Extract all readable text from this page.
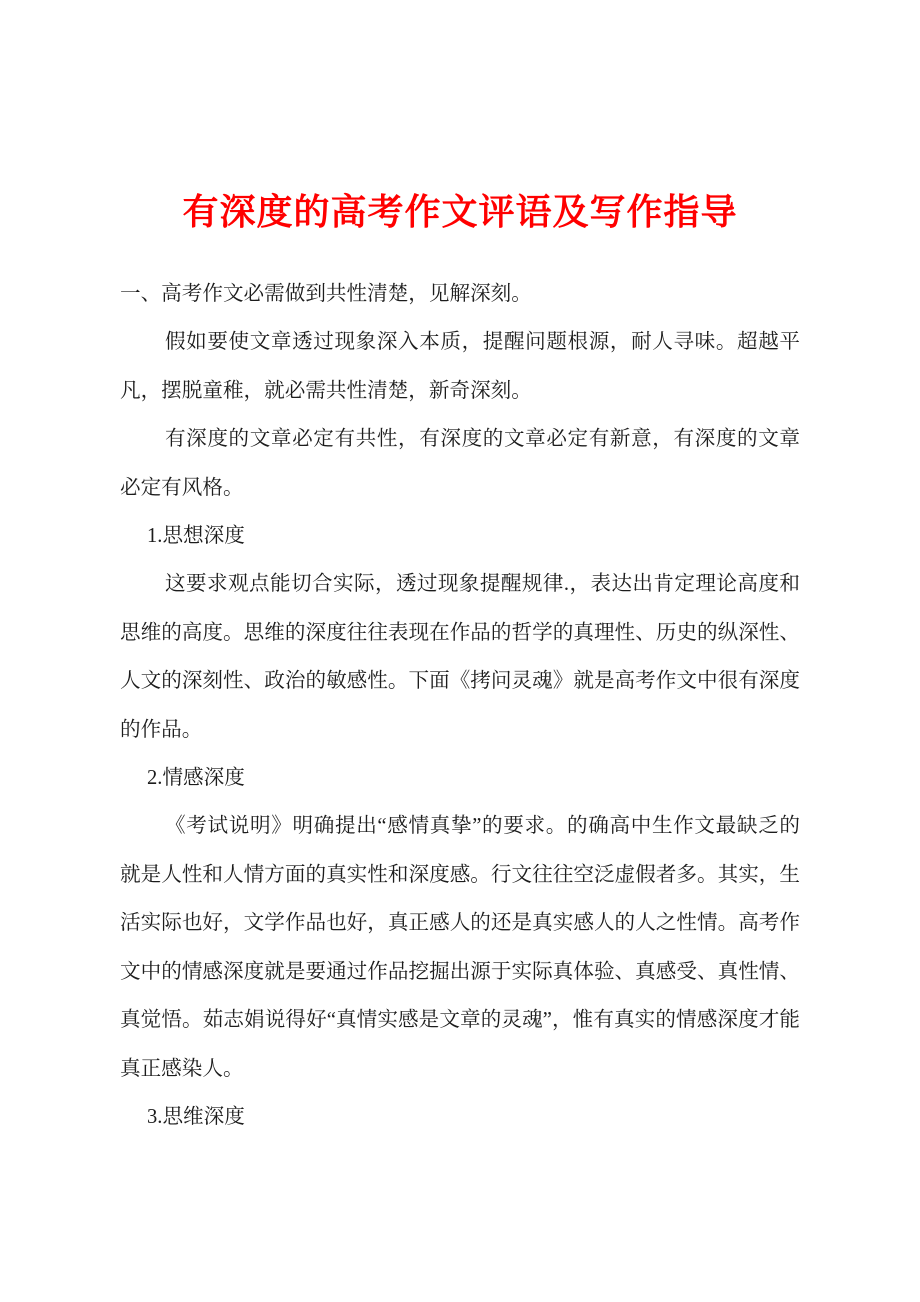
有深度的高考作文评语及写作指导

一、高考作文必需做到共性清楚，见解深刻。

假如要使文章透过现象深入本质，提醒问题根源，耐人寻味。超越平凡，摆脱童稚，就必需共性清楚，新奇深刻。

有深度的文章必定有共性，有深度的文章必定有新意，有深度的文章必定有风格。

1.思想深度

这要求观点能切合实际，透过现象提醒规律.，表达出肯定理论高度和思维的高度。思维的深度往往表现在作品的哲学的真理性、历史的纵深性、人文的深刻性、政治的敏感性。下面《拷问灵魂》就是高考作文中很有深度的作品。

2.情感深度

《考试说明》明确提出“感情真挚”的要求。的确高中生作文最缺乏的就是人性和人情方面的真实性和深度感。行文往往空泛虚假者多。其实，生活实际也好，文学作品也好，真正感人的还是真实感人的人之性情。高考作文中的情感深度就是要通过作品挖掘出源于实际真体验、真感受、真性情、真觉悟。茹志娟说得好“真情实感是文章的灵魂”，惟有真实的情感深度才能真正感染人。

3.思维深度
